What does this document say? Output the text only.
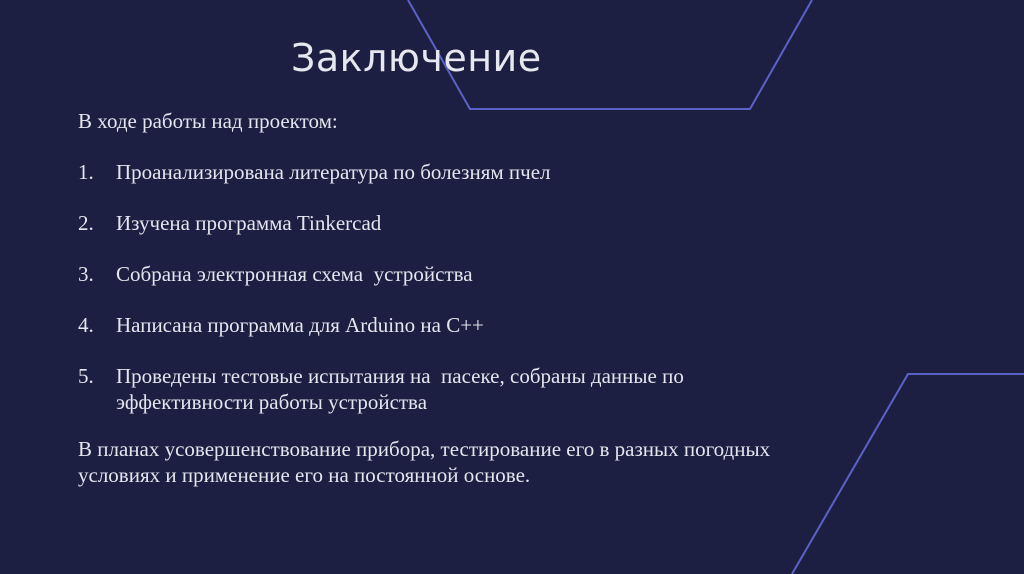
Заключение

В ходе работы над проектом:

1.	Проанализирована литература по болезням пчел
2.	Изучена программа Tinkercad
3.	Собрана электронная схема  устройства
4.	Написана программа для Arduino на C++
5.	Проведены тестовые испытания на  пасеке, собраны данные по эффективности работы устройства

В планах усовершенствование прибора, тестирование его в разных погодных  условиях и применение его на постоянной основе.
